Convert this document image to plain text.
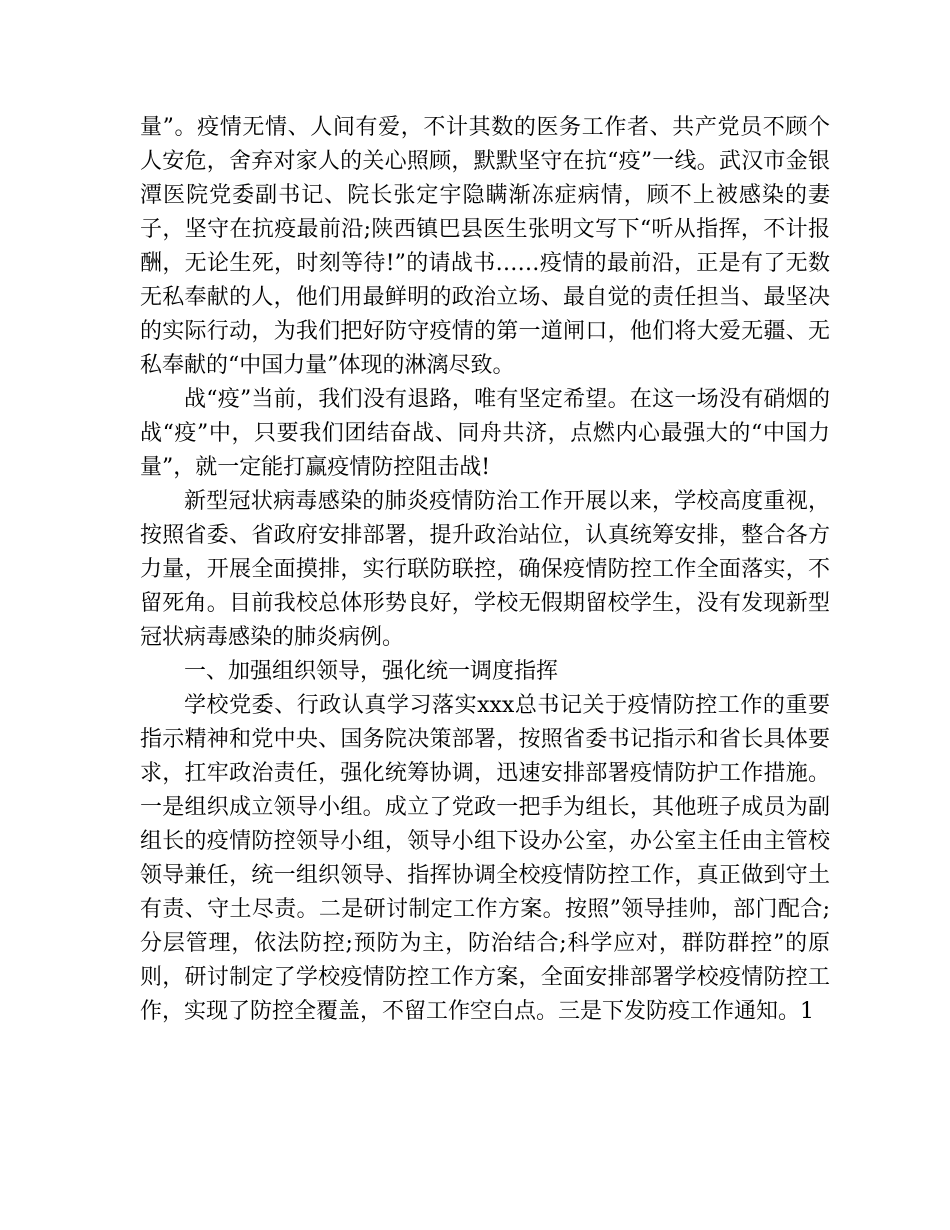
量”。疫情无情、人间有爱，不计其数的医务工作者、共产党员不顾个人安危，舍弃对家人的关心照顾，默默坚守在抗“疫”一线。武汉市金银潭医院党委副书记、院长张定宇隐瞒渐冻症病情，顾不上被感染的妻子，坚守在抗疫最前沿;陕西镇巴县医生张明文写下“听从指挥，不计报酬，无论生死，时刻等待!”的请战书……疫情的最前沿，正是有了无数无私奉献的人，他们用最鲜明的政治立场、最自觉的责任担当、最坚决的实际行动，为我们把好防守疫情的第一道闸口，他们将大爱无疆、无私奉献的“中国力量”体现的淋漓尽致。

战“疫”当前，我们没有退路，唯有坚定希望。在这一场没有硝烟的战“疫”中，只要我们团结奋战、同舟共济，点燃内心最强大的“中国力量”，就一定能打赢疫情防控阻击战!

新型冠状病毒感染的肺炎疫情防治工作开展以来，学校高度重视，按照省委、省政府安排部署，提升政治站位，认真统筹安排，整合各方力量，开展全面摸排，实行联防联控，确保疫情防控工作全面落实，不留死角。目前我校总体形势良好，学校无假期留校学生，没有发现新型冠状病毒感染的肺炎病例。

一、加强组织领导，强化统一调度指挥

学校党委、行政认真学习落实xxx总书记关于疫情防控工作的重要指示精神和党中央、国务院决策部署，按照省委书记指示和省长具体要求，扛牢政治责任，强化统筹协调，迅速安排部署疫情防护工作措施。一是组织成立领导小组。成立了党政一把手为组长，其他班子成员为副组长的疫情防控领导小组，领导小组下设办公室，办公室主任由主管校领导兼任，统一组织领导、指挥协调全校疫情防控工作，真正做到守土有责、守土尽责。二是研讨制定工作方案。按照”领导挂帅，部门配合;分层管理，依法防控;预防为主，防治结合;科学应对，群防群控”的原则，研讨制定了学校疫情防控工作方案，全面安排部署学校疫情防控工作，实现了防控全覆盖，不留工作空白点。三是下发防疫工作通知。1
